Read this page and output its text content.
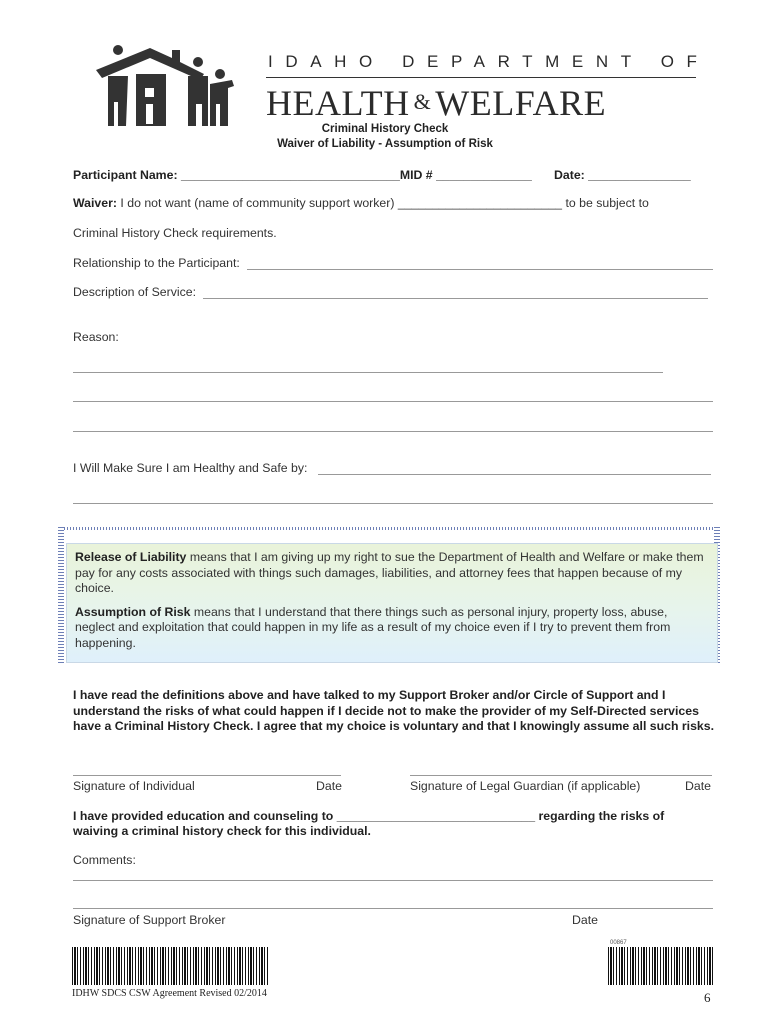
IDAHO DEPARTMENT OF
HEALTH & WELFARE
Criminal History Check
Waiver of Liability - Assumption of Risk
Participant Name: ________________________________MID # ______________ Date: _______________
Waiver: I do not want (name of community support worker) ________________________ to be subject to
Criminal History Check requirements.
Relationship to the Participant:
Description of Service:
Reason:
I Will Make Sure I am Healthy and Safe by:

Release of Liability means that I am giving up my right to sue the Department of Health and Welfare or make them pay for any costs associated with things such damages, liabilities, and attorney fees that happen because of my choice.

Assumption of Risk means that I understand that there things such as personal injury, property loss, abuse, neglect and exploitation that could happen in my life as a result of my choice even if I try to prevent them from happening.

I have read the definitions above and have talked to my Support Broker and/or Circle of Support and I understand the risks of what could happen if I decide not to make the provider of my Self-Directed services have a Criminal History Check. I agree that my choice is voluntary and that I knowingly assume all such risks.
Signature of Individual	Date	Signature of Legal Guardian (if applicable)	Date
I have provided education and counseling to _____________________________ regarding the risks of
waiving a criminal history check for this individual.
Comments:
Signature of Support Broker	Date
00867
IDHW SDCS CSW Agreement Revised 02/2014	6
